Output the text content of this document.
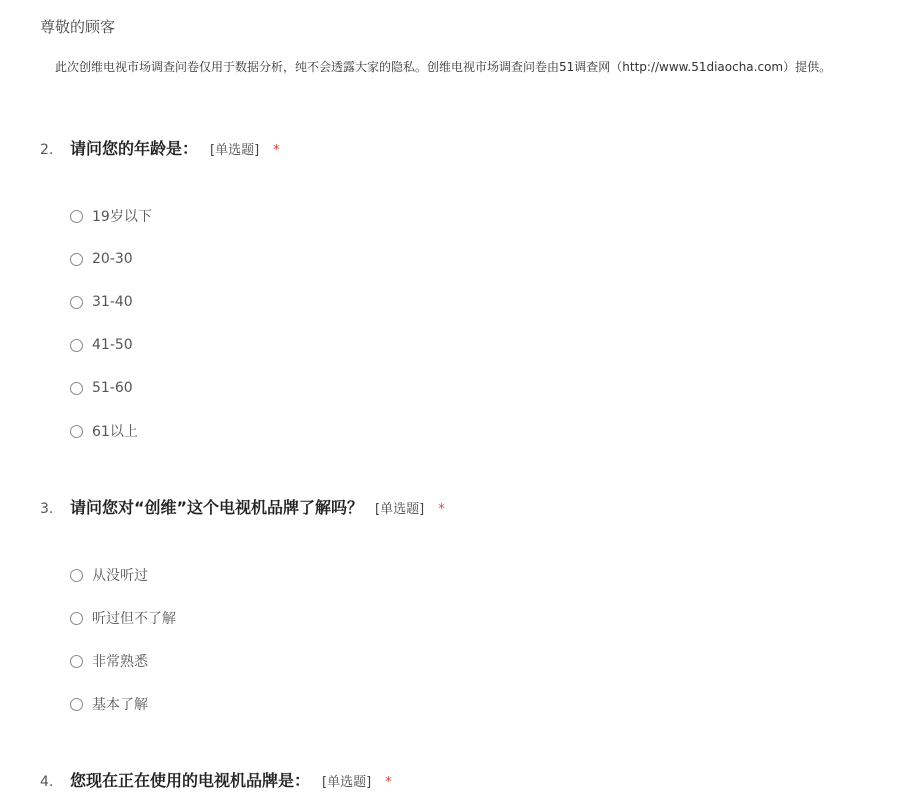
尊敬的顾客
此次创维电视市场调查问卷仅用于数据分析，纯不会透露大家的隐私。创维电视市场调查问卷由51调查网（http://www.51diaocha.com）提供。
2.	请问您的年龄是： [单选题] *
19岁以下
20-30
31-40
41-50
51-60
61以上
3.	请问您对“创维”这个电视机品牌了解吗？ [单选题] *
从没听过
听过但不了解
非常熟悉
基本了解
4.	您现在正在使用的电视机品牌是： [单选题] *
